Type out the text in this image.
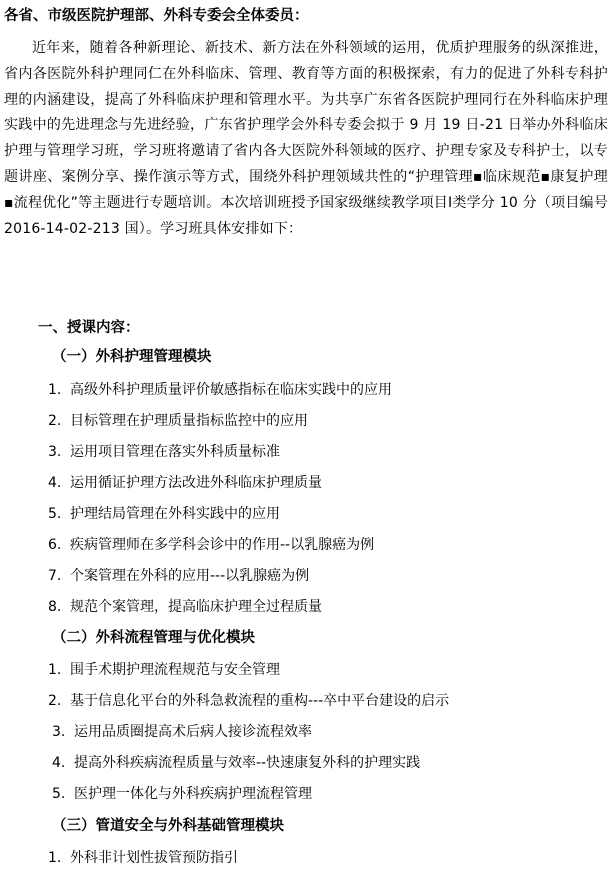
各省、市级医院护理部、外科专委会全体委员：
近年来，随着各种新理论、新技术、新方法在外科领域的运用，优质护理服务的纵深推进，省内各医院外科护理同仁在外科临床、管理、教育等方面的积极探索，有力的促进了外科专科护理的内涵建设，提高了外科临床护理和管理水平。为共享广东省各医院护理同行在外科临床护理实践中的先进理念与先进经验，广东省护理学会外科专委会拟于 9 月 19 日-21 日举办外科临床护理与管理学习班，学习班将邀请了省内各大医院外科领域的医疗、护理专家及专科护士，以专题讲座、案例分享、操作演示等方式，围绕外科护理领域共性的“护理管理▪临床规范▪康复护理▪流程优化”等主题进行专题培训。本次培训班授予国家级继续教学项目Ⅰ类学分 10 分（项目编号 2016-14-02-213 国）。学习班具体安排如下：
一、授课内容：
（一）外科护理管理模块
1. 高级外科护理质量评价敏感指标在临床实践中的应用
2. 目标管理在护理质量指标监控中的应用
3. 运用项目管理在落实外科质量标准
4. 运用循证护理方法改进外科临床护理质量
5. 护理结局管理在外科实践中的应用
6. 疾病管理师在多学科会诊中的作用--以乳腺癌为例
7. 个案管理在外科的应用---以乳腺癌为例
8. 规范个案管理，提高临床护理全过程质量
（二）外科流程管理与优化模块
1. 围手术期护理流程规范与安全管理
2. 基于信息化平台的外科急救流程的重构---卒中平台建设的启示
3. 运用品质圈提高术后病人接诊流程效率
4. 提高外科疾病流程质量与效率--快速康复外科的护理实践
5. 医护理一体化与外科疾病护理流程管理
（三）管道安全与外科基础管理模块
1. 外科非计划性拔管预防指引
